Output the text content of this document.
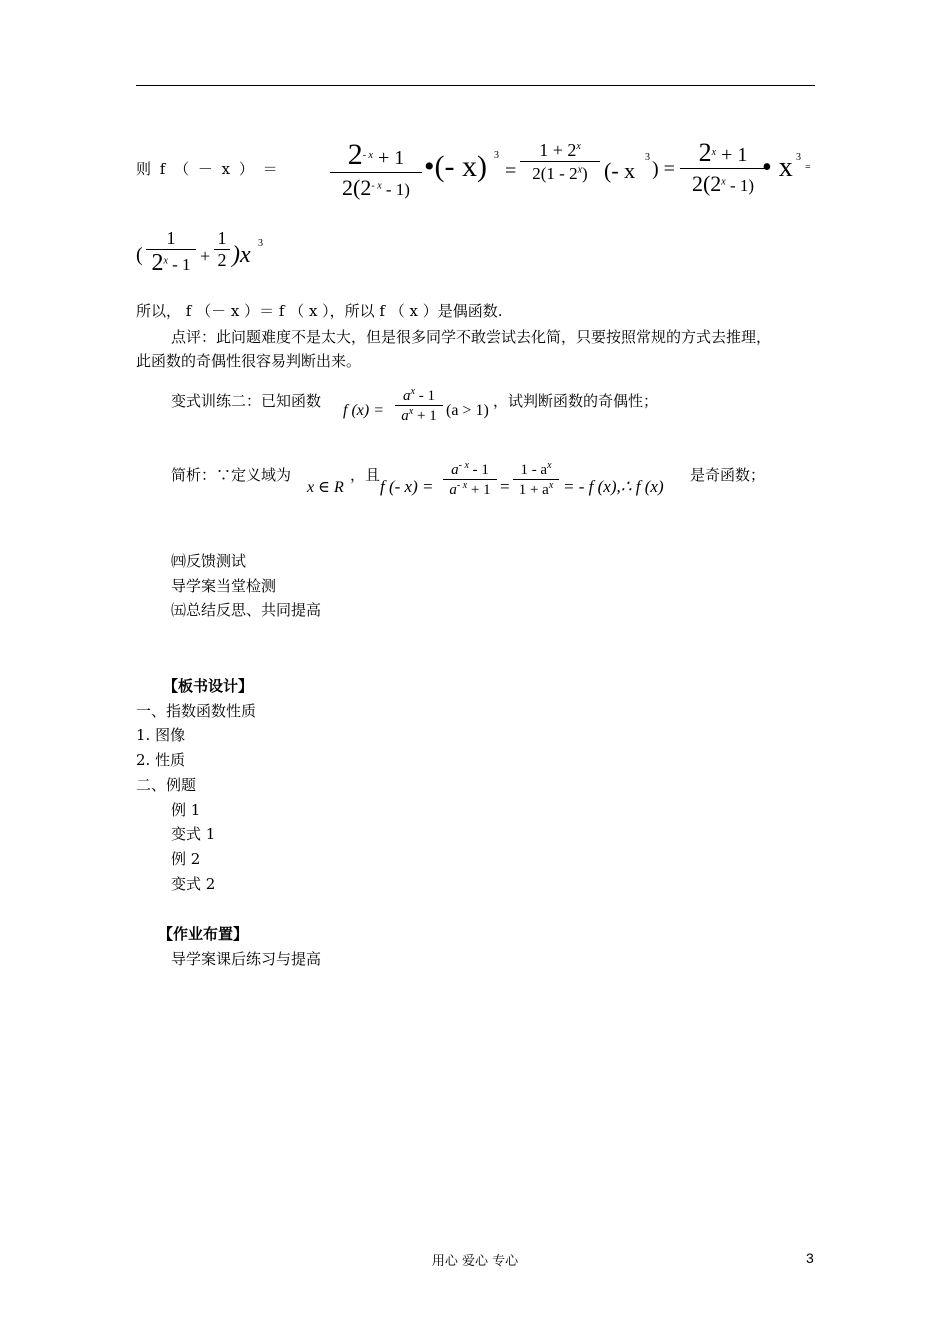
则 f （ － x ） ＝	$2^{- x} + 1$
$2(2^{- x} - 1)$
•(- x) 3
=
$1 + 2^x$
2(1 - 2$^x$) (- x
3
) =
$2^x + 1$
2(2$^x$ - 1)
• x 3
=
(
1
2$^x$ - 1 +
1
2 )x 3
所以， f （－ x ）＝ f （ x ），所以 f （ x ）是偶函数.
点评：此问题难度不是太大，但是很多同学不敢尝试去化简，只要按照常规的方式去推理，
此函数的奇偶性很容易判断出来。
变式训练二：已知函数
f (x) =
$a^x - 1$
$a^x + 1$ (a > 1)
，试判断函数的奇偶性；
简析：∵定义域为
x ∈ R
，且
f (- x) =
$a^{- x} - 1$
$a^{- x} + 1$ =
$1 - a^x$
$1 + a^x$ = - f (x),∴ f (x)
是奇函数；
㈣反馈测试
导学案当堂检测
㈤总结反思、共同提高
【板书设计】
一、指数函数性质
1. 图像
2. 性质
二、例题
例 1
变式 1
例 2
变式 2
【作业布置】
导学案课后练习与提高
用心 爱心 专心	3
